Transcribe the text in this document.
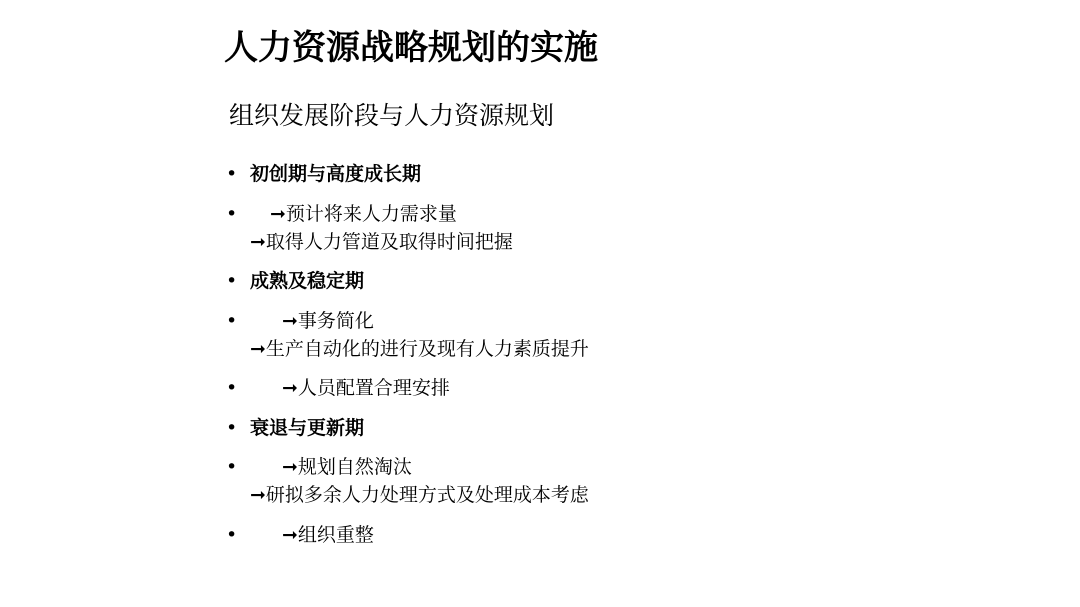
人力资源战略规划的实施
组织发展阶段与人力资源规划
• 初创期与高度成长期
• ➞预计将来人力需求量
➞取得人力管道及取得时间把握
• 成熟及稳定期
• ➞事务简化
➞生产自动化的进行及现有人力素质提升
• ➞人员配置合理安排
• 衰退与更新期
• ➞规划自然淘汰
➞研拟多余人力处理方式及处理成本考虑
• ➞组织重整
